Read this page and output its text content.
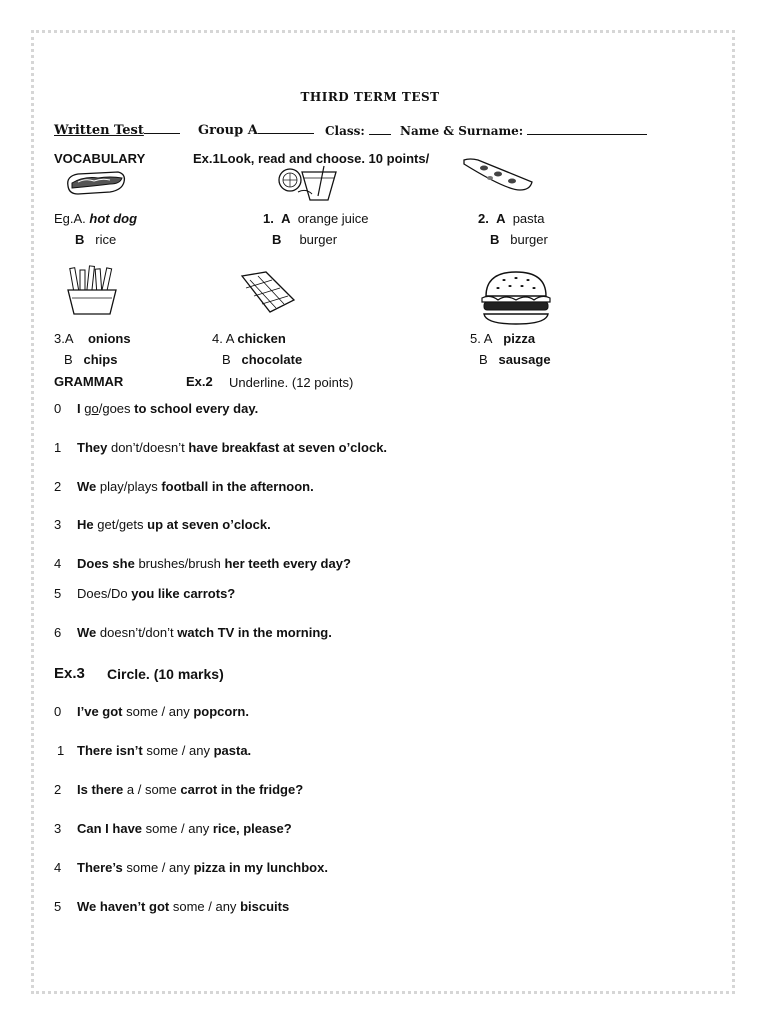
THIRD TERM TEST
Written Test	Group A	Class:	Name & Surname:
VOCABULARY	Ex.1Look, read and choose. 10 points/
Eg.A. hot dog
B rice
1. A orange juice
B burger
2. A pasta
B burger
3.A onions
B chips
4. A chicken
B chocolate
5. A pizza
B sausage
GRAMMAR	Ex.2 Underline. (12 points)
0 I go/goes to school every day.
1 They don’t/doesn’t have breakfast at seven o’clock.
2 We play/plays football in the afternoon.
3 He get/gets up at seven o’clock.
4 Does she brushes/brush her teeth every day?
5 Does/Do you like carrots?
6 We doesn’t/don’t watch TV in the morning.
Ex.3 Circle. (10 marks)
0 I’ve got some / any popcorn.
1 There isn’t some / any pasta.
2 Is there a / some carrot in the fridge?
3 Can I have some / any rice, please?
4 There’s some / any pizza in my lunchbox.
5 We haven’t got some / any biscuits
